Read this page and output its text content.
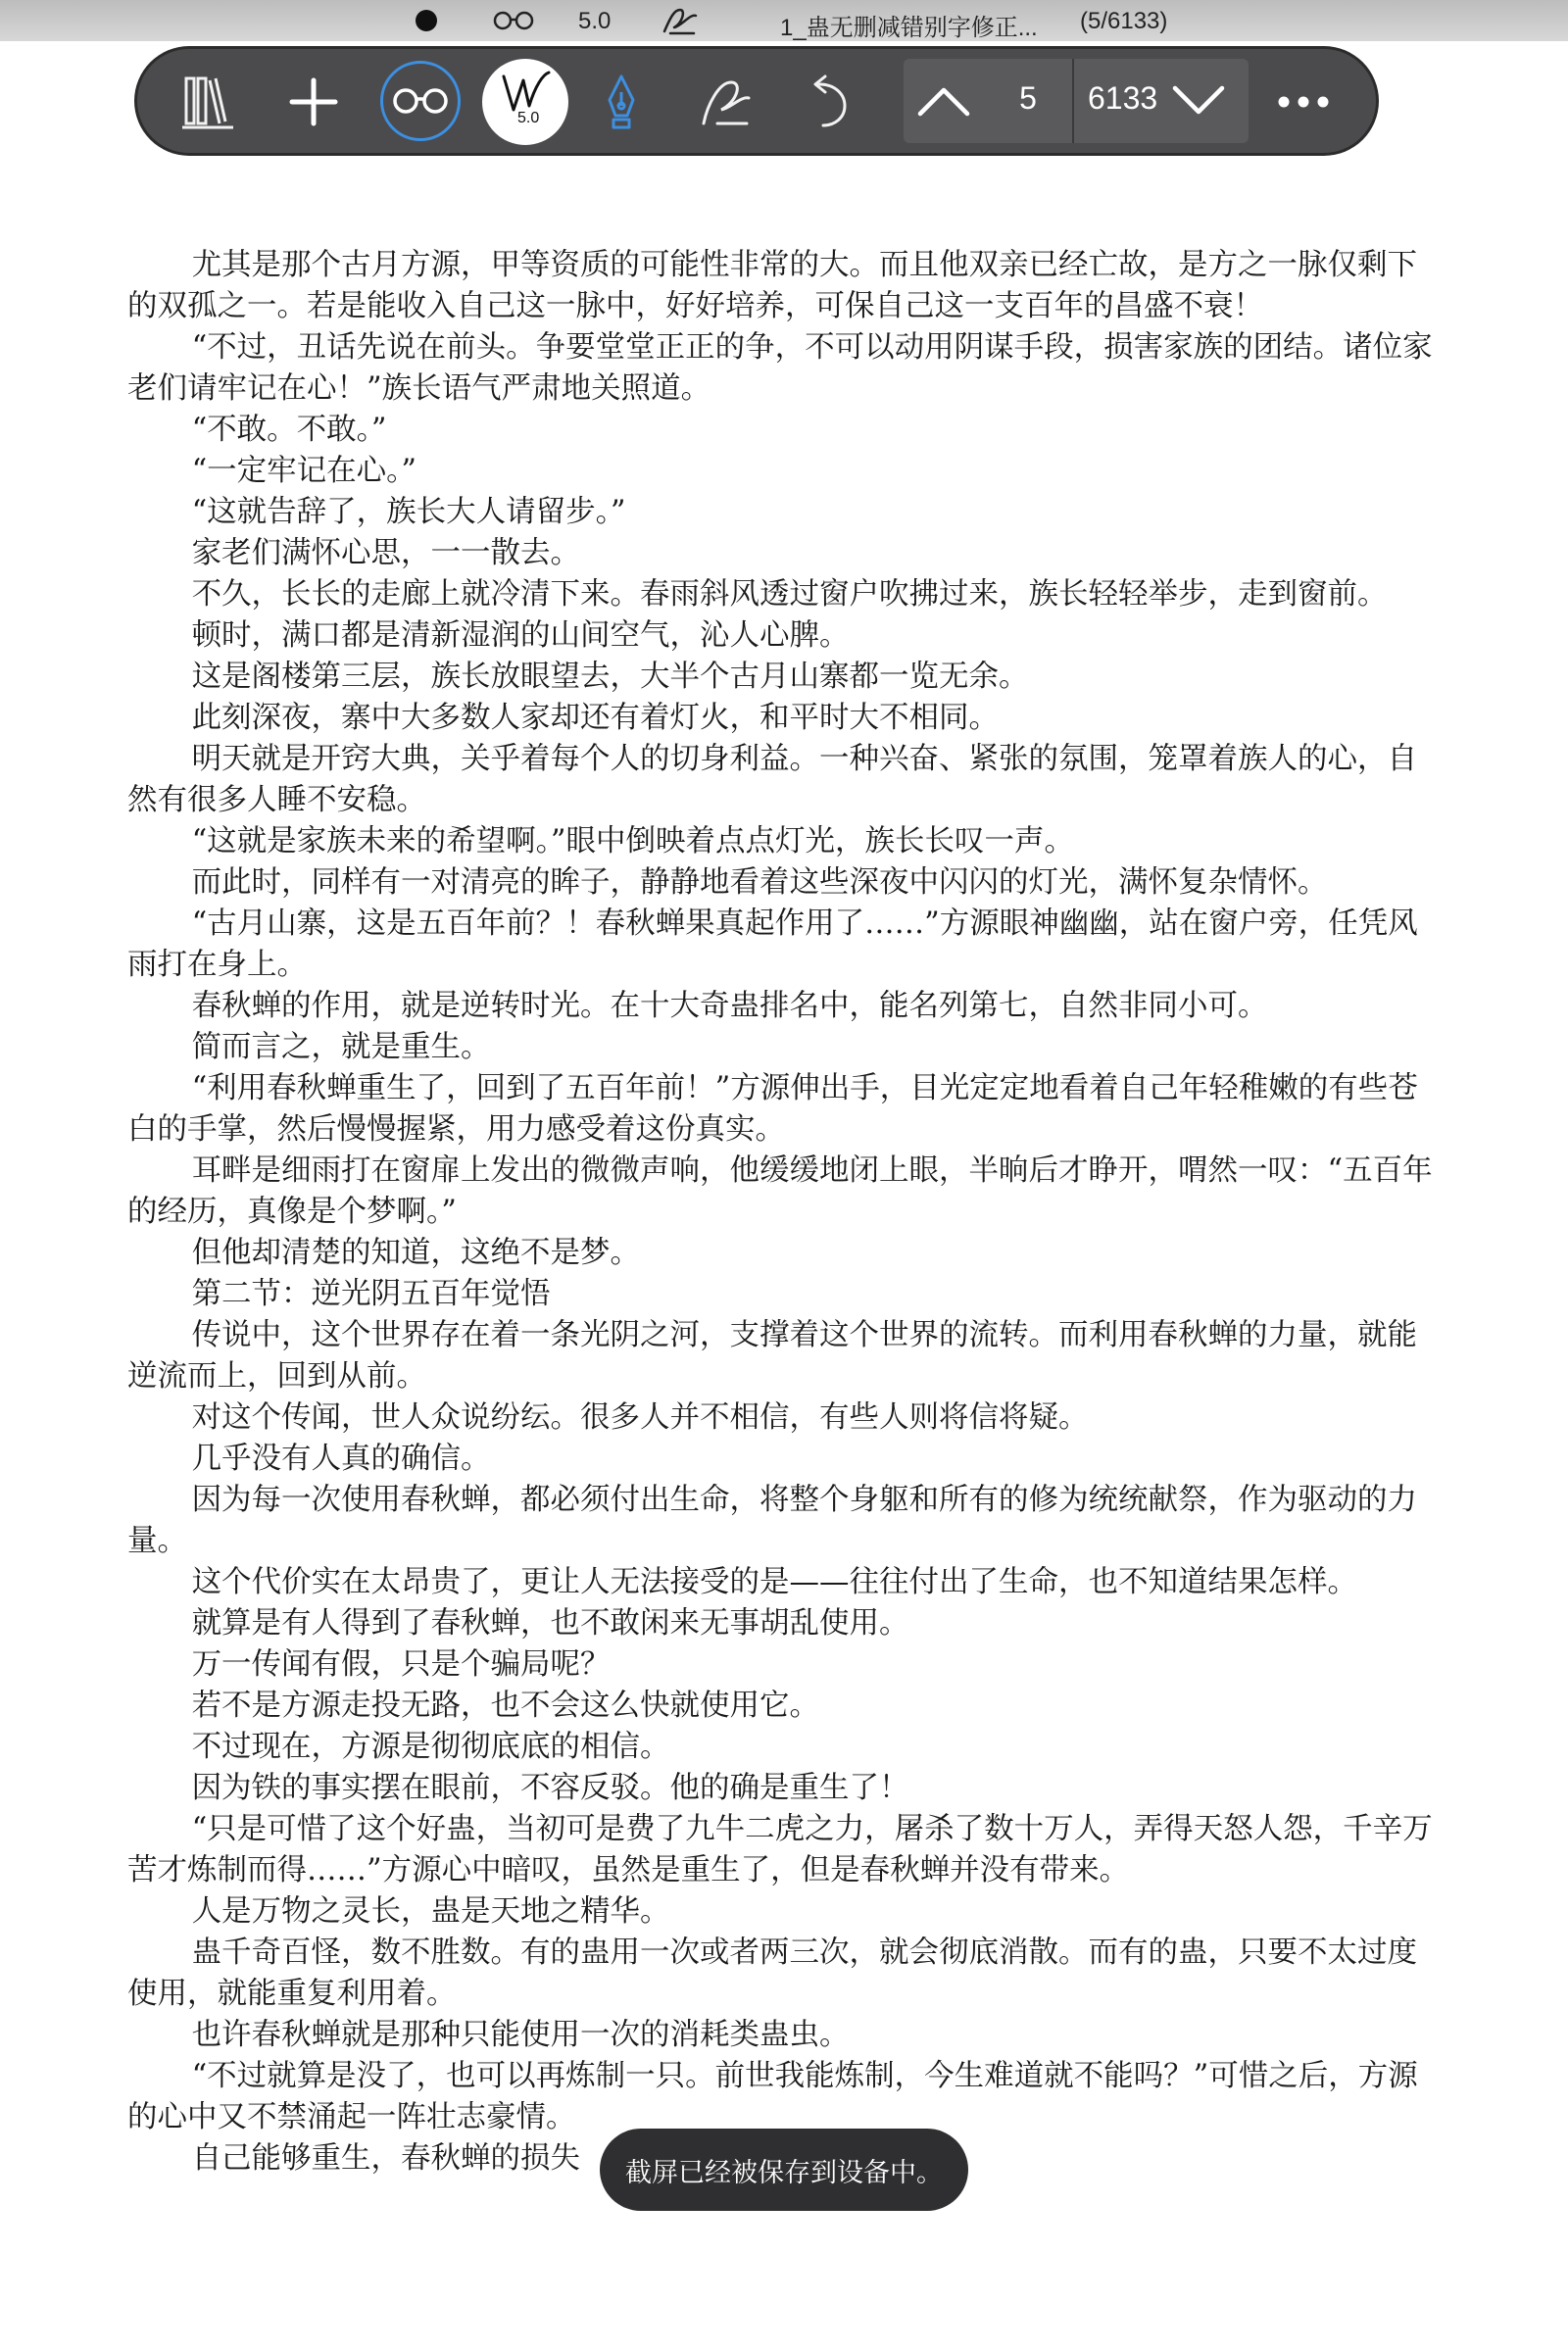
5.0	1_蛊无删减错别字修正... (5/6133)
5.0
5	6133

尤其是那个古月方源，甲等资质的可能性非常的大。而且他双亲已经亡故，是方之一脉仅剩下的双孤之一。若是能收入自己这一脉中，好好培养，可保自己这一支百年的昌盛不衰！

“不过，丑话先说在前头。争要堂堂正正的争，不可以动用阴谋手段，损害家族的团结。诸位家老们请牢记在心！”族长语气严肃地关照道。

“不敢。不敢。”

“一定牢记在心。”

“这就告辞了，族长大人请留步。”

家老们满怀心思，一一散去。

不久，长长的走廊上就冷清下来。春雨斜风透过窗户吹拂过来，族长轻轻举步，走到窗前。

顿时，满口都是清新湿润的山间空气，沁人心脾。

这是阁楼第三层，族长放眼望去，大半个古月山寨都一览无余。

此刻深夜，寨中大多数人家却还有着灯火，和平时大不相同。

明天就是开窍大典，关乎着每个人的切身利益。一种兴奋、紧张的氛围，笼罩着族人的心，自然有很多人睡不安稳。

“这就是家族未来的希望啊。”眼中倒映着点点灯光，族长长叹一声。

而此时，同样有一对清亮的眸子，静静地看着这些深夜中闪闪的灯光，满怀复杂情怀。

“古月山寨，这是五百年前？！春秋蝉果真起作用了……”方源眼神幽幽，站在窗户旁，任凭风雨打在身上。

春秋蝉的作用，就是逆转时光。在十大奇蛊排名中，能名列第七，自然非同小可。

简而言之，就是重生。

“利用春秋蝉重生了，回到了五百年前！”方源伸出手，目光定定地看着自己年轻稚嫩的有些苍白的手掌，然后慢慢握紧，用力感受着这份真实。

耳畔是细雨打在窗扉上发出的微微声响，他缓缓地闭上眼，半晌后才睁开，喟然一叹：“五百年的经历，真像是个梦啊。”

但他却清楚的知道，这绝不是梦。

第二节：逆光阴五百年觉悟

传说中，这个世界存在着一条光阴之河，支撑着这个世界的流转。而利用春秋蝉的力量，就能逆流而上，回到从前。

对这个传闻，世人众说纷纭。很多人并不相信，有些人则将信将疑。

几乎没有人真的确信。

因为每一次使用春秋蝉，都必须付出生命，将整个身躯和所有的修为统统献祭，作为驱动的力量。

这个代价实在太昂贵了，更让人无法接受的是——往往付出了生命，也不知道结果怎样。

就算是有人得到了春秋蝉，也不敢闲来无事胡乱使用。

万一传闻有假，只是个骗局呢？

若不是方源走投无路，也不会这么快就使用它。

不过现在，方源是彻彻底底的相信。

因为铁的事实摆在眼前，不容反驳。他的确是重生了！

“只是可惜了这个好蛊，当初可是费了九牛二虎之力，屠杀了数十万人，弄得天怒人怨，千辛万苦才炼制而得……”方源心中暗叹，虽然是重生了，但是春秋蝉并没有带来。

人是万物之灵长，蛊是天地之精华。

蛊千奇百怪，数不胜数。有的蛊用一次或者两三次，就会彻底消散。而有的蛊，只要不太过度使用，就能重复利用着。

也许春秋蝉就是那种只能使用一次的消耗类蛊虫。

“不过就算是没了，也可以再炼制一只。前世我能炼制，今生难道就不能吗？”可惜之后，方源的心中又不禁涌起一阵壮志豪情。

自己能够重生，春秋蝉的损失	截屏已经被保存到设备中。
